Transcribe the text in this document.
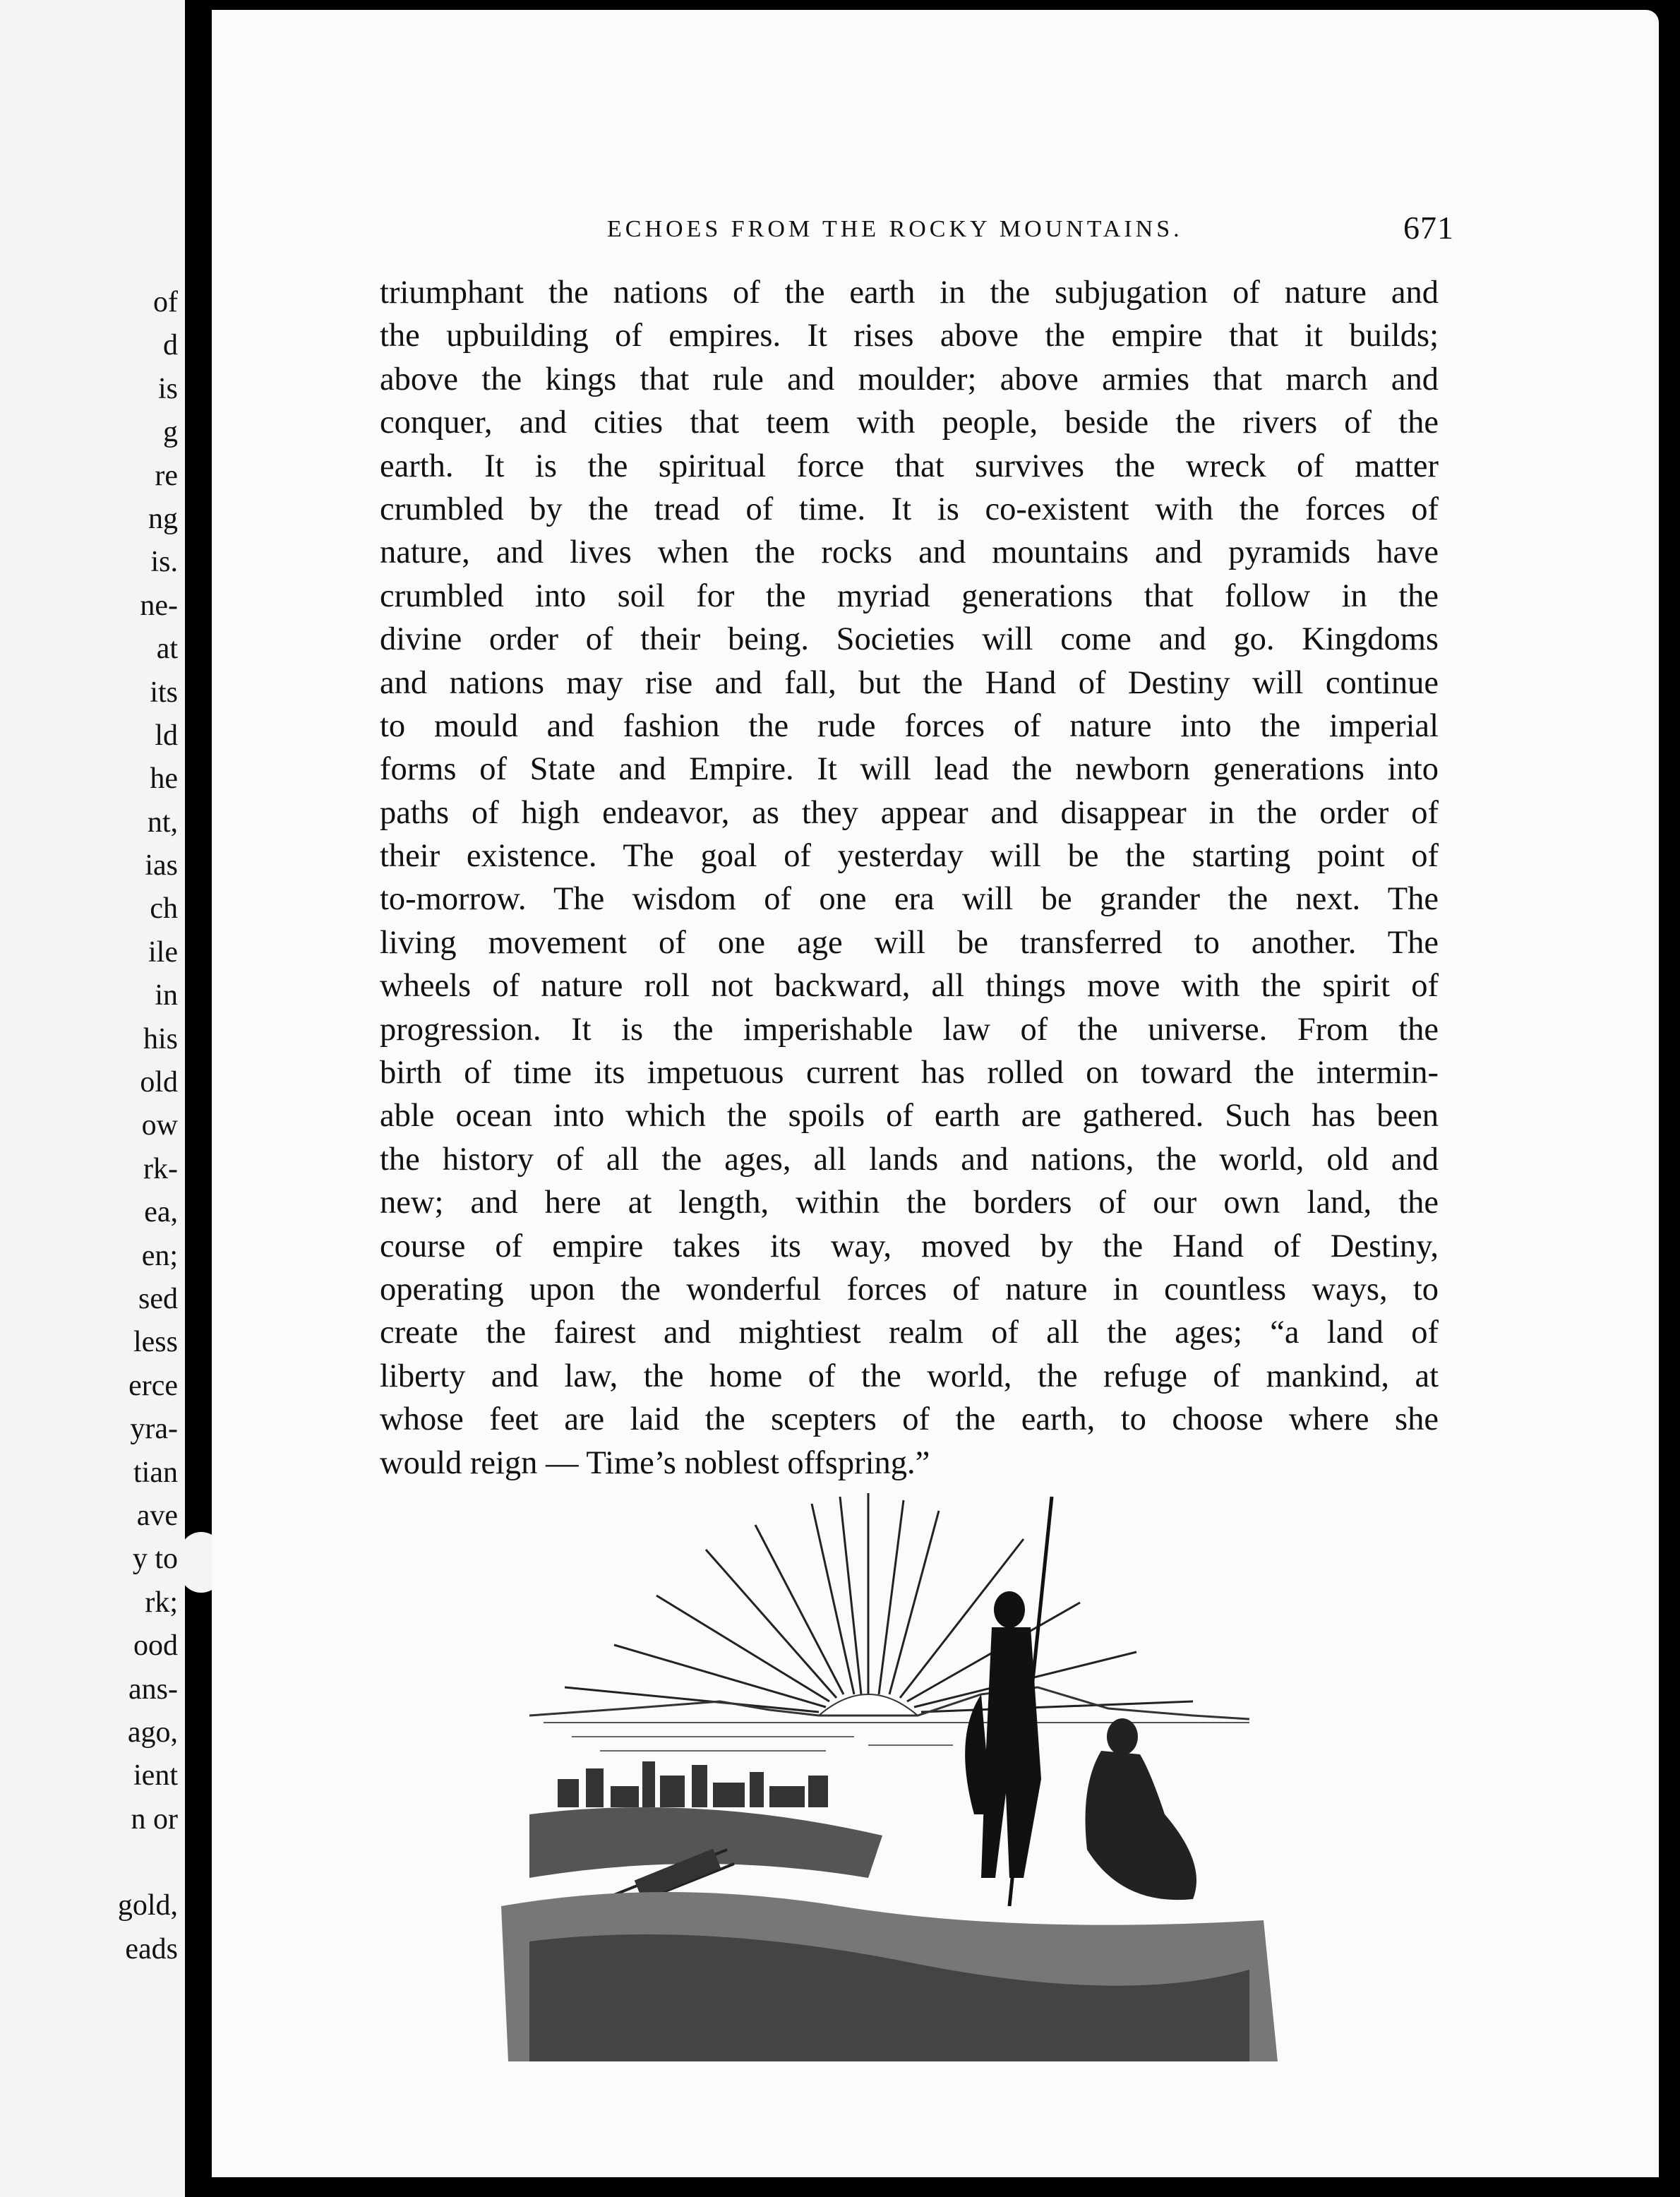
of
d
is
g
re
ng
is.
ne-
at
its
ld
he
nt,
ias
ch
ile
in
his
old
ow
rk-
ea,
en;
sed
less
erce
yra-
tian
ave
y to
rk;
ood
ans-
ago,
ient
n or
gold,
eads
ECHOES FROM THE ROCKY MOUNTAINS.	671
triumphant the nations of the earth in the subjugation of nature and
the upbuilding of empires. It rises above the empire that it builds;
above the kings that rule and moulder; above armies that march and
conquer, and cities that teem with people, beside the rivers of the
earth. It is the spiritual force that survives the wreck of matter
crumbled by the tread of time. It is co-existent with the forces of
nature, and lives when the rocks and mountains and pyramids have
crumbled into soil for the myriad generations that follow in the
divine order of their being. Societies will come and go. Kingdoms
and nations may rise and fall, but the Hand of Destiny will continue
to mould and fashion the rude forces of nature into the imperial
forms of State and Empire. It will lead the newborn generations into
paths of high endeavor, as they appear and disappear in the order of
their existence. The goal of yesterday will be the starting point of
to-morrow. The wisdom of one era will be grander the next. The
living movement of one age will be transferred to another. The
wheels of nature roll not backward, all things move with the spirit of
progression. It is the imperishable law of the universe. From the
birth of time its impetuous current has rolled on toward the intermin-
able ocean into which the spoils of earth are gathered. Such has been
the history of all the ages, all lands and nations, the world, old and
new; and here at length, within the borders of our own land, the
course of empire takes its way, moved by the Hand of Destiny,
operating upon the wonderful forces of nature in countless ways, to
create the fairest and mightiest realm of all the ages; “a land of
liberty and law, the home of the world, the refuge of mankind, at
whose feet are laid the scepters of the earth, to choose where she
would reign — Time’s noblest offspring.”
